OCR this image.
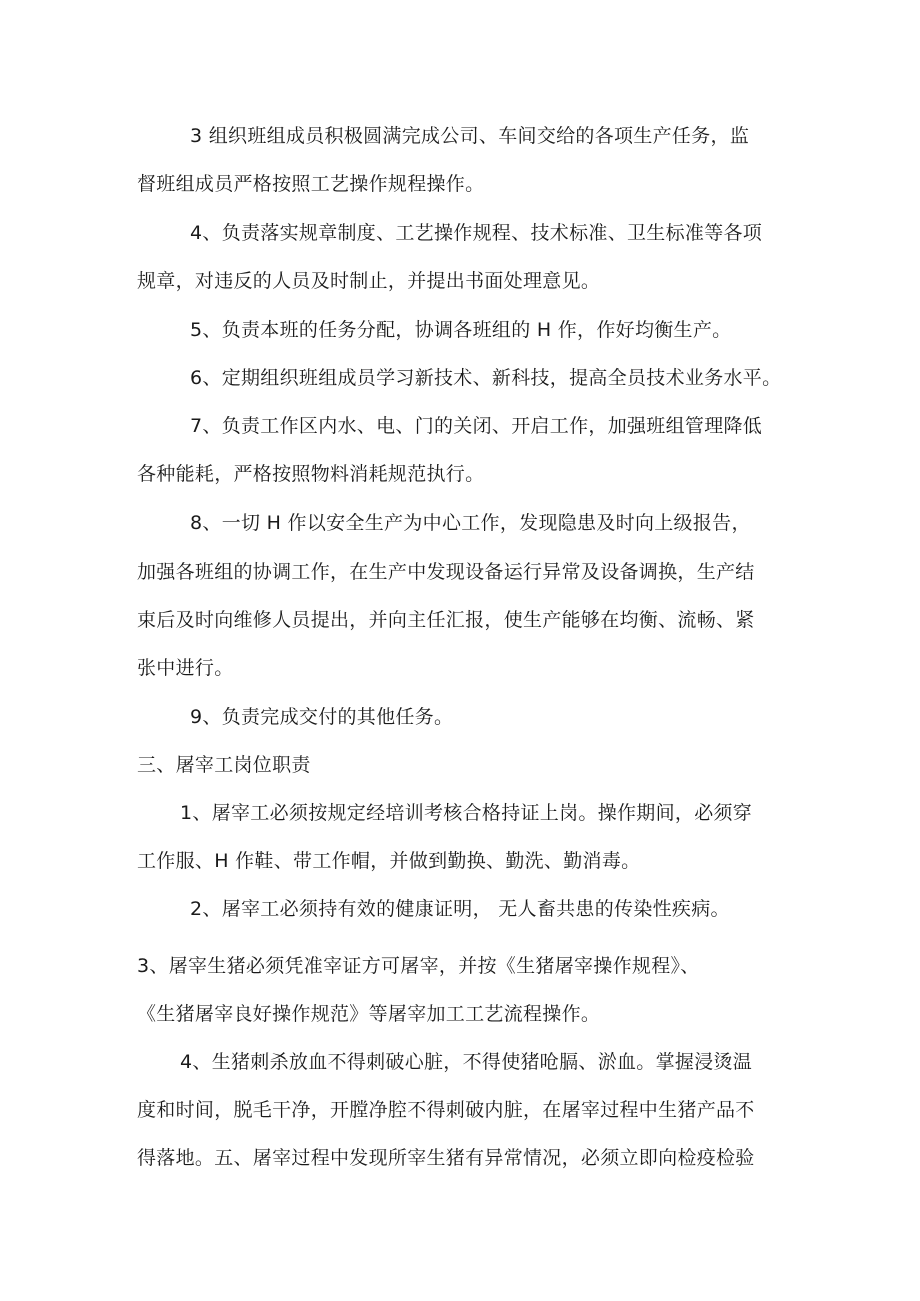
3 组织班组成员积极圆满完成公司、车间交给的各项生产任务，监
督班组成员严格按照工艺操作规程操作。
4、负责落实规章制度、工艺操作规程、技术标准、卫生标准等各项
规章，对违反的人员及时制止，并提出书面处理意见。
5、负责本班的任务分配，协调各班组的 H 作，作好均衡生产。
6、定期组织班组成员学习新技术、新科技，提高全员技术业务水平。
7、负责工作区内水、电、门的关闭、开启工作，加强班组管理降低
各种能耗，严格按照物料消耗规范执行。
8、一切 H 作以安全生产为中心工作，发现隐患及时向上级报告，
加强各班组的协调工作，在生产中发现设备运行异常及设备调换，生产结
束后及时向维修人员提出，并向主任汇报，使生产能够在均衡、流畅、紧
张中进行。
9、负责完成交付的其他任务。
三、屠宰工岗位职责
1、屠宰工必须按规定经培训考核合格持证上岗。操作期间，必须穿
工作服、H 作鞋、带工作帽，并做到勤换、勤洗、勤消毒。
2、屠宰工必须持有效的健康证明， 无人畜共患的传染性疾病。
3、屠宰生猪必须凭准宰证方可屠宰，并按《生猪屠宰操作规程》、
《生猪屠宰良好操作规范》等屠宰加工工艺流程操作。
4、生猪刺杀放血不得刺破心脏，不得使猪呛膈、淤血。掌握浸烫温
度和时间，脱毛干净，开膛净腔不得刺破内脏，在屠宰过程中生猪产品不
得落地。五、屠宰过程中发现所宰生猪有异常情况，必须立即向检疫检验
